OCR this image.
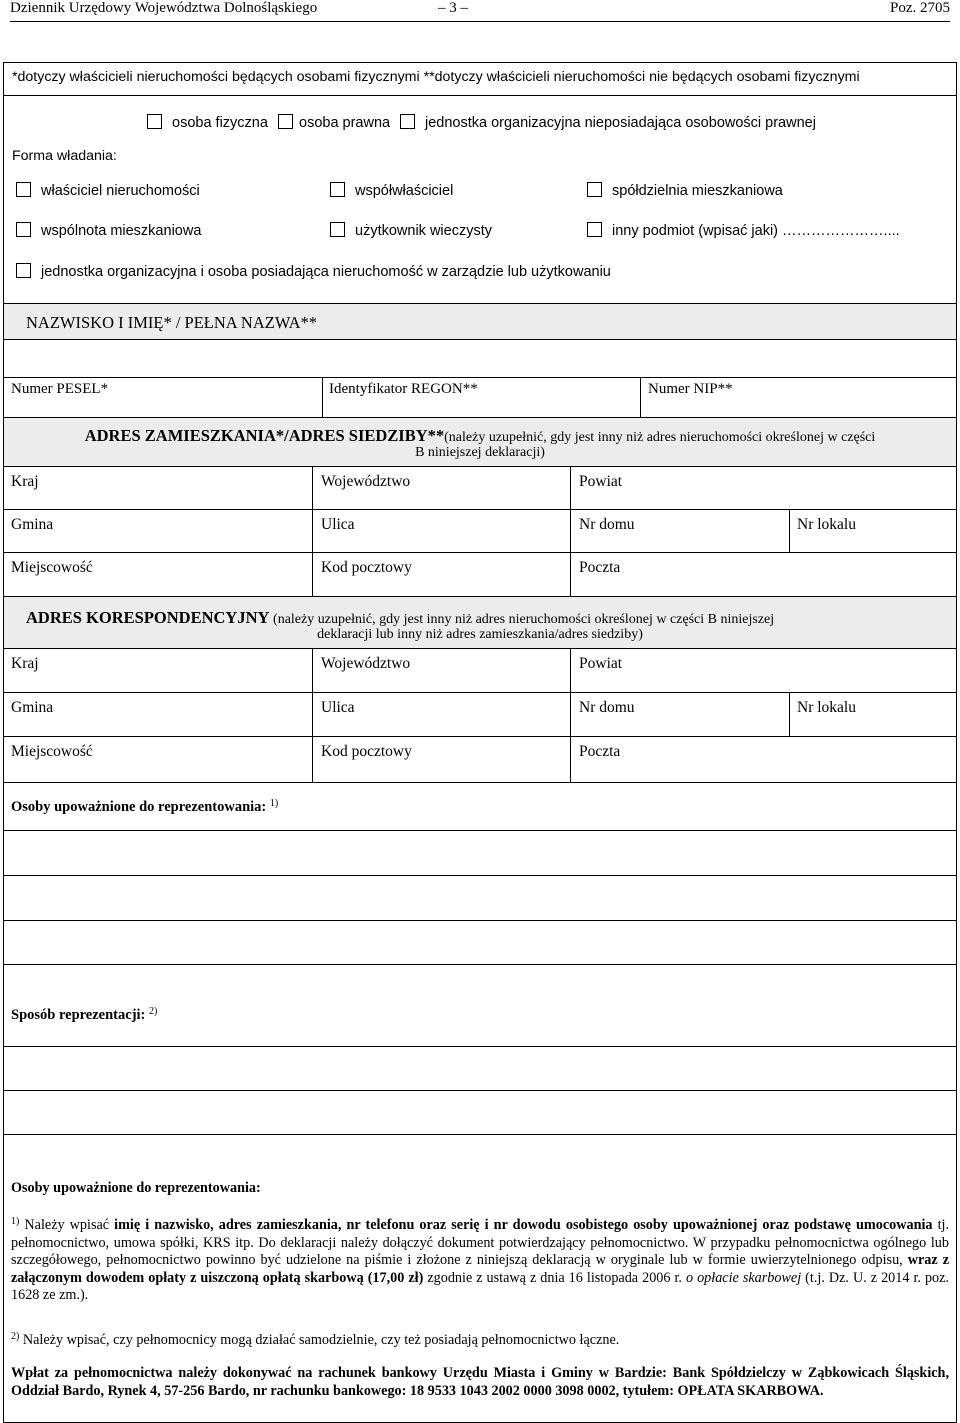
Dziennik Urzędowy Województwa Dolnośląskiego	– 3 –	Poz. 2705
*dotyczy właścicieli nieruchomości będących osobami fizycznymi **dotyczy właścicieli nieruchomości nie będących osobami fizycznymi
osoba fizyczna	osoba prawna	jednostka organizacyjna nieposiadająca osobowości prawnej
Forma władania:
właściciel nieruchomości	współwłaściciel	spółdzielnia mieszkaniowa
wspólnota mieszkaniowa	użytkownik wieczysty	inny podmiot (wpisać jaki) …………………....
jednostka organizacyjna i osoba posiadająca nieruchomość w zarządzie lub użytkowaniu
NAZWISKO I IMIĘ* / PEŁNA NAZWA**
Numer PESEL*	Identyfikator REGON**	Numer NIP**
ADRES ZAMIESZKANIA*/ADRES SIEDZIBY**(należy uzupełnić, gdy jest inny niż adres nieruchomości określonej w części
B niniejszej deklaracji)
Kraj	Województwo	Powiat
Gmina	Ulica	Nr domu	Nr lokalu
Miejscowość	Kod pocztowy	Poczta
ADRES KORESPONDENCYJNY (należy uzupełnić, gdy jest inny niż adres nieruchomości określonej w części B niniejszej
deklaracji lub inny niż adres zamieszkania/adres siedziby)
Kraj	Województwo	Powiat
Gmina	Ulica	Nr domu	Nr lokalu
Miejscowość	Kod pocztowy	Poczta
Osoby upoważnione do reprezentowania: $^{1)}$
Sposób reprezentacji: $^{2)}$
Osoby upoważnione do reprezentowania:
$^{1)}$ Należy wpisać imię i nazwisko, adres zamieszkania, nr telefonu oraz serię i nr dowodu osobistego osoby upoważnionej oraz podstawę umocowania tj. pełnomocnictwo, umowa spółki, KRS itp. Do deklaracji należy dołączyć dokument potwierdzający pełnomocnictwo. W przypadku pełnomocnictwa ogólnego lub szczegółowego, pełnomocnictwo powinno być udzielone na piśmie i złożone z niniejszą deklaracją w oryginale lub w formie uwierzytelnionego odpisu, wraz z załączonym dowodem opłaty z uiszczoną opłatą skarbową (17,00 zł) zgodnie z ustawą z dnia 16 listopada 2006 r. o opłacie skarbowej (t.j. Dz. U. z 2014 r. poz. 1628 ze zm.).
$^{2)}$ Należy wpisać, czy pełnomocnicy mogą działać samodzielnie, czy też posiadają pełnomocnictwo łączne.
Wpłat za pełnomocnictwa należy dokonywać na rachunek bankowy Urzędu Miasta i Gminy w Bardzie: Bank Spółdzielczy w Ząbkowicach Śląskich, Oddział Bardo, Rynek 4, 57-256 Bardo, nr rachunku bankowego: 18 9533 1043 2002 0000 3098 0002, tytułem: OPŁATA SKARBOWA.
